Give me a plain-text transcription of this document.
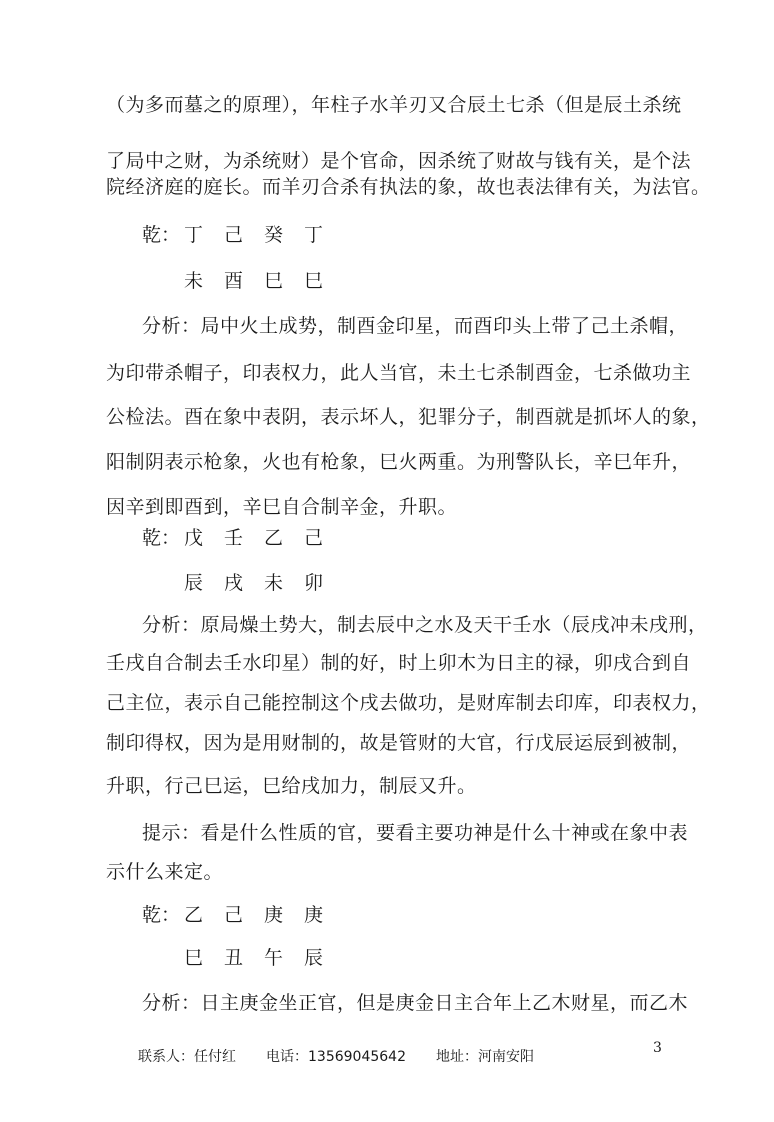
（为多而墓之的原理），年柱子水羊刃又合辰土七杀（但是辰土杀统
了局中之财，为杀统财）是个官命，因杀统了财故与钱有关，是个法
院经济庭的庭长。而羊刃合杀有执法的象，故也表法律有关，为法官。
乾： 丁 己 癸 丁
未 酉 巳 巳
分析：局中火土成势，制酉金印星，而酉印头上带了己土杀帽，
为印带杀帽子，印表权力，此人当官，未土七杀制酉金，七杀做功主
公检法。酉在象中表阴，表示坏人，犯罪分子，制酉就是抓坏人的象，
阳制阴表示枪象，火也有枪象，巳火两重。为刑警队长，辛巳年升，
因辛到即酉到，辛巳自合制辛金，升职。
乾： 戊 壬 乙 己
辰 戌 未 卯
分析：原局燥土势大，制去辰中之水及天干壬水（辰戌冲未戌刑，
壬戌自合制去壬水印星）制的好，时上卯木为日主的禄，卯戌合到自
己主位，表示自己能控制这个戌去做功，是财库制去印库，印表权力，
制印得权，因为是用财制的，故是管财的大官，行戊辰运辰到被制，
升职，行己巳运，巳给戌加力，制辰又升。
提示：看是什么性质的官，要看主要功神是什么十神或在象中表
示什么来定。
乾： 乙 己 庚 庚
巳 丑 午 辰
分析：日主庚金坐正官，但是庚金日主合年上乙木财星，而乙木
联系人：任付红 电话：13569045642 地址：河南安阳
3
